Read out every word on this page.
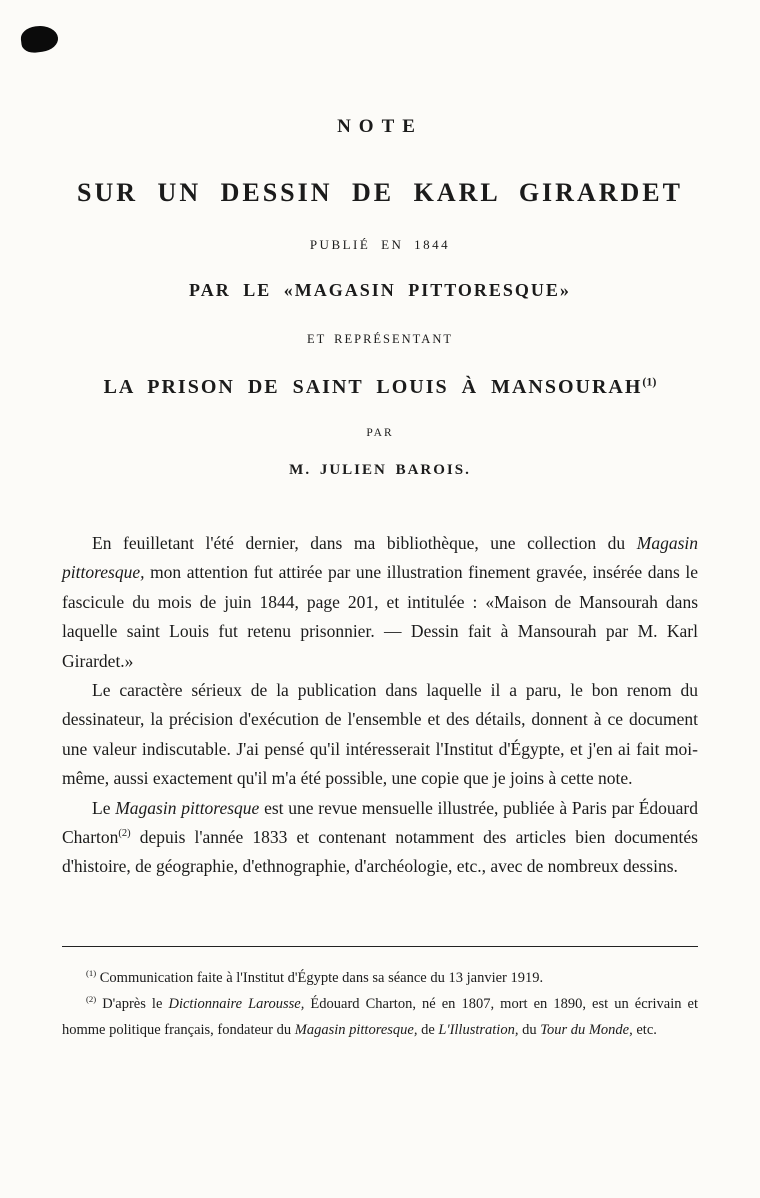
NOTE
SUR UN DESSIN DE KARL GIRARDET
PUBLIÉ EN 1844
PAR LE «MAGASIN PITTORESQUE»
ET REPRÉSENTANT
LA PRISON DE SAINT LOUIS À MANSOURAH$^{(1)}$
PAR
M. JULIEN BAROIS.

En feuilletant l'été dernier, dans ma bibliothèque, une collection du Magasin pittoresque, mon attention fut attirée par une illustration finement gravée, insérée dans le fascicule du mois de juin 1844, page 201, et intitulée : «Maison de Mansourah dans laquelle saint Louis fut retenu prisonnier. — Dessin fait à Mansourah par M. Karl Girardet.»

Le caractère sérieux de la publication dans laquelle il a paru, le bon renom du dessinateur, la précision d'exécution de l'ensemble et des détails, donnent à ce document une valeur indiscutable. J'ai pensé qu'il intéresserait l'Institut d'Égypte, et j'en ai fait moi-même, aussi exactement qu'il m'a été possible, une copie que je joins à cette note.

Le Magasin pittoresque est une revue mensuelle illustrée, publiée à Paris par Édouard Charton$^{(2)}$ depuis l'année 1833 et contenant notamment des articles bien documentés d'histoire, de géographie, d'ethnographie, d'archéologie, etc., avec de nombreux dessins.

$^{(1)}$ Communication faite à l'Institut d'Égypte dans sa séance du 13 janvier 1919.

$^{(2)}$ D'après le Dictionnaire Larousse, Édouard Charton, né en 1807, mort en 1890, est un écrivain et homme politique français, fondateur du Magasin pittoresque, de L'Illustration, du Tour du Monde, etc.
